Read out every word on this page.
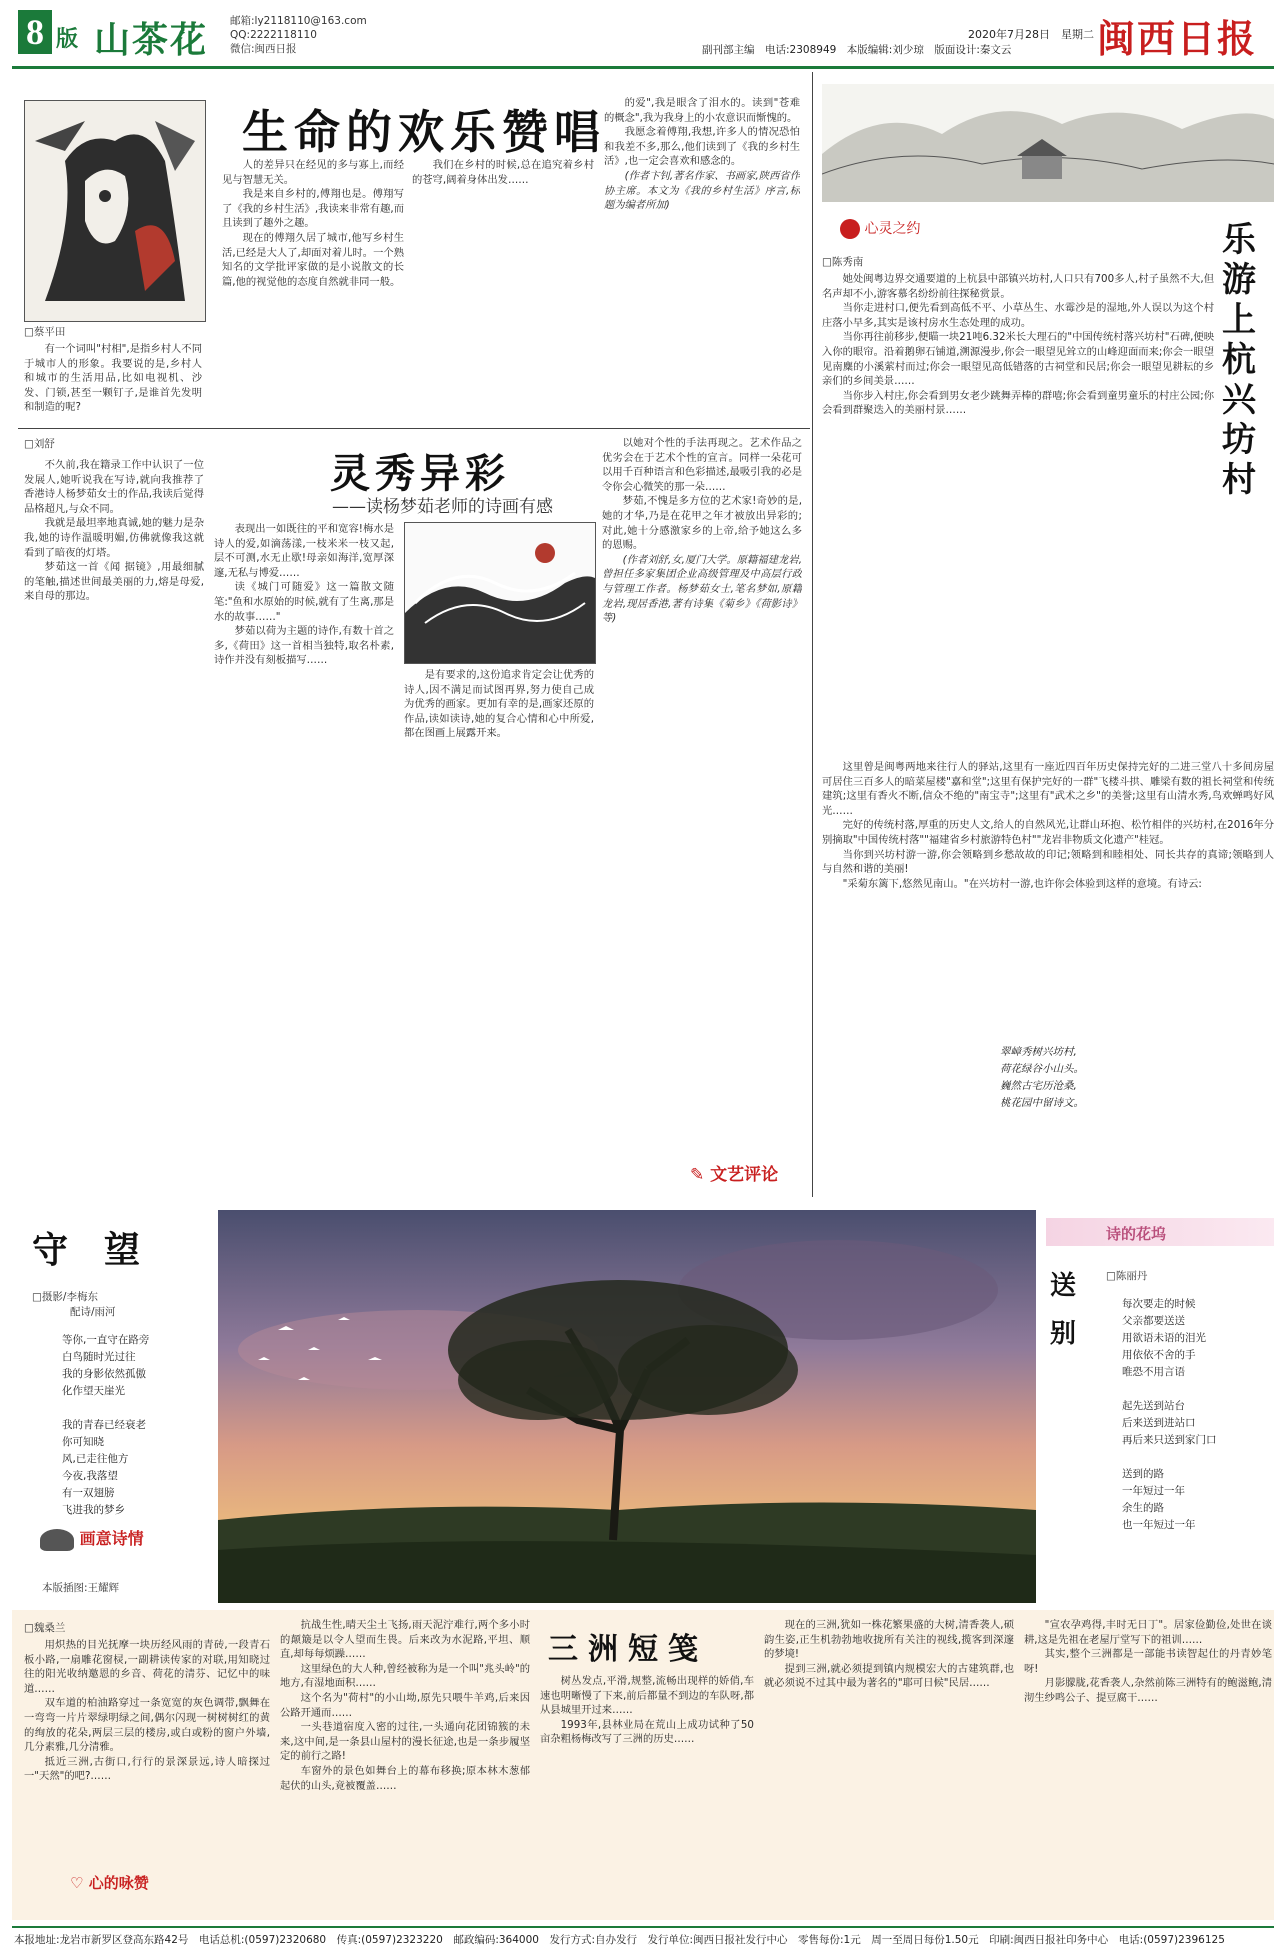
8 版 山茶花 邮箱:ly2118110@163.com
QQ:2222118110
微信:闽西日报
2020年7月28日　星期二
副刊部主编　电话:2308949　本版编辑:刘少琼　版面设计:秦文云 闽西日报
□蔡平田
有一个词叫"村相",是指乡村人不同于城市人的形象。我要说的是,乡村人和城市的生活用品,比如电视机、沙发、门锁,甚至一颗钉子,是谁首先发明和制造的呢?
生命的欢乐赞唱

人的差异只在经见的多与寡上,而经见与智慧无关。

我是来自乡村的,傅翔也是。傅翔写了《我的乡村生活》,我读来非常有趣,而且读到了趣外之趣。

现在的傅翔久居了城市,他写乡村生活,已经是大人了,却面对着儿时。一个熟知名的文学批评家做的是小说散文的长篇,他的视觉他的态度自然就非同一般。

我们在乡村的时候,总在追究着乡村的苍穹,阔着身体出发……

的爱",我是眼含了泪水的。读到"苍难的概念",我为我身上的小农意识而惭愧的。

我愿念着傅翔,我想,许多人的情况恐怕和我差不多,那么,他们读到了《我的乡村生活》,也一定会喜欢和感念的。

(作者卞钊,著名作家、书画家,陕西省作协主席。本文为《我的乡村生活》序言,标题为编者所加)

□刘舒
灵秀异彩
——读杨梦茹老师的诗画有感

不久前,我在籍录工作中认识了一位发展人,她听说我在写诗,就向我推荐了香港诗人杨梦茹女士的作品,我读后觉得品格超凡,与众不同。

我就是最坦率地真诚,她的魅力是杂我,她的诗作温暖明媚,仿佛就像我这就看到了暗夜的灯塔。

梦茹这一首《闻 据镜》,用最细腻的笔触,描述世间最美丽的力,熔是母爱,来自母的那边。

表现出一如既往的平和宽容!梅水是诗人的爱,如滴荡漾,一枝米米一枝又起,层不可测,水无止歇!母亲如海洋,宽厚深邃,无私与博爱……

读《城门可随爱》这一篇散文随笔:"鱼和水原始的时候,就有了生离,那是水的故事……"

梦茹以荷为主题的诗作,有数十首之多,《荷田》这一首相当独特,取名朴素,诗作并没有刻板描写……

是有要求的,这份追求肯定会让优秀的诗人,因不满足而试图再界,努力使自己成为优秀的画家。更加有幸的是,画家还原的作品,读如读诗,她的复合心情和心中所爱,都在图画上展露开来。

以她对个性的手法再现之。艺术作品之优劣会在于艺术个性的宣言。同样一朵花可以用千百种语言和色彩描述,最吸引我的必是令你会心微笑的那一朵……

梦茹,不愧是多方位的艺术家!奇妙的是,她的才华,乃是在花甲之年才被放出异彩的;对此,她十分感激家乡的上帝,给予她这么多的恩赐。

(作者刘舒,女,厦门大学。原籍福建龙岩,曾担任多家集团企业高级管理及中高层行政与管理工作者。杨梦茹女士,笔名梦如,原籍龙岩,现居香港,著有诗集《菊乡》《荷影诗》等)

✎ 文艺评论
心灵之约
□陈秀南
乐游上杭兴坊村

她处闽粤边界交通要道的上杭县中部镇兴坊村,人口只有700多人,村子虽然不大,但名声却不小,游客慕名纷纷前往探秘赏景。

当你走进村口,便先看到高低不平、小草丛生、水霉沙是的湿地,外人误以为这个村庄落小早多,其实是该村房水生态处理的成功。

当你再往前移步,便瞄一块21吨6.32米长大理石的"中国传统村落兴坊村"石碑,便映入你的眼帘。沿着鹅卵石铺道,溯源漫步,你会一眼望见耸立的山峰迎面而来;你会一眼望见南麋的小溪萦村而过;你会一眼望见高低错落的古祠堂和民居;你会一眼望见耕耘的乡亲们的乡间美景……

当你步入村庄,你会看到男女老少跳舞弄棒的群嘻;你会看到童男童乐的村庄公园;你会看到群聚迭入的美丽村景……

这里曾是闽粤两地来往行人的驿站,这里有一座近四百年历史保持完好的二进三堂八十多间房屋可居住三百多人的暗菜屋楼"嘉和堂";这里有保护完好的一群"飞楼斗拱、雕梁有数的祖长祠堂和传统建筑;这里有香火不断,信众不绝的"南宝寺";这里有"武术之乡"的美誉;这里有山清水秀,鸟欢蝉鸣好风光……

完好的传统村落,厚重的历史人文,给人的自然风光,让群山环抱、松竹相伴的兴坊村,在2016年分别摘取"中国传统村落""福建省乡村旅游特色村""龙岩非物质文化遗产"桂冠。

当你到兴坊村游一游,你会领略到乡愁故故的印记;领略到和睦相处、同长共存的真谛;领略到人与自然和谐的美丽!

"采菊东篱下,悠然见南山。"在兴坊村一游,也许你会体验到这样的意境。有诗云:

翠嶂秀树兴坊村,

荷花绿谷小山头。

巍然古宅历沧桑,

桃花园中留诗文。

守　望
□摄影/李梅东
配诗/雨河

等你,一直守在路旁

白鸟随时光过往

我的身影依然孤傲

化作望天崖光

我的青春已经衰老

你可知晓

风,已走往他方

今夜,我落望

有一双翅膀

飞进我的梦乡

画意诗情
本版插图:王耀辉
诗的花坞
送别
□陈丽丹

每次要走的时候

父亲都要送送

用欲语未语的泪光

用依依不舍的手

唯恐不用言语

起先送到站台

后来送到进站口

再后来只送到家门口

送到的路

一年短过一年

余生的路

也一年短过一年

□魏桑兰

用炽热的目光抚摩一块历经风雨的青砖,一段青石板小路,一扇雕花窗棂,一副耕读传家的对联,用知晓过往的阳光收纳邀恩的乡音、荷花的清芬、记忆中的味道……

双车道的柏油路穿过一条宽宽的灰色调带,飘舞在一弯弯一片片翠绿明绿之间,偶尔闪现一树树树红的黄的绚放的花朵,两层三层的楼房,或白或粉的窗户外墙,几分素雅,几分清雅。

抵近三洲,古街口,行行的景深景远,诗人暗探过一"天然"的吧?……

♡ 心的咏赞

抗战生性,晴天尘土飞扬,雨天泥泞难行,两个多小时的颠簸是以令人望而生畏。后来改为水泥路,平坦、顺直,却每每烦躁……

这里绿色的大人种,曾经被称为是一个叫"兆头岭"的地方,有湿地面积……

这个名为"荷村"的小山坳,原先只喂牛羊鸡,后来因公路开通而……

一头巷道宿度入密的过往,一头通向花团锦簇的未来,这中间,是一条县山屋村的漫长征途,也是一条步履坚定的前行之路!

车窗外的景色如舞台上的幕布移换;原本林木葱郁起伏的山头,竟被覆盖……

三洲短笺

树丛发点,平滑,规整,流畅出现样的娇俏,车速也明晰慢了下来,前后都量不到边的车队呀,都从县城里开过来……

1993年,县林业局在荒山上成功试种了50亩杂粗杨梅改写了三洲的历史……

现在的三洲,犹如一株花繁果盛的大树,清香袭人,硕韵生姿,正生机勃勃地收拢所有关注的视线,揽客到深邃的梦境!

提到三洲,就必须提到镇内规模宏大的古建筑群,也就必须说不过其中最为著名的"耶可日候"民居……

"宣农孕鸡得,丰时无日丁"。居家俭勤俭,处世在谈耕,这是先祖在老屋厅堂写下的祖训……

其实,整个三洲都是一部能书读智起仕的丹青妙笔呀!

月影朦胧,花香袭人,杂然前陈三洲特有的鲍滋鲍,清沏生纱鸣公子、提豆腐干……

本报地址:龙岩市新罗区登高东路42号　电话总机:(0597)2320680　传真:(0597)2323220　邮政编码:364000　发行方式:自办发行　发行单位:闽西日报社发行中心　零售每份:1元　周一至周日每份1.50元　印刷:闽西日报社印务中心　电话:(0597)2396125
